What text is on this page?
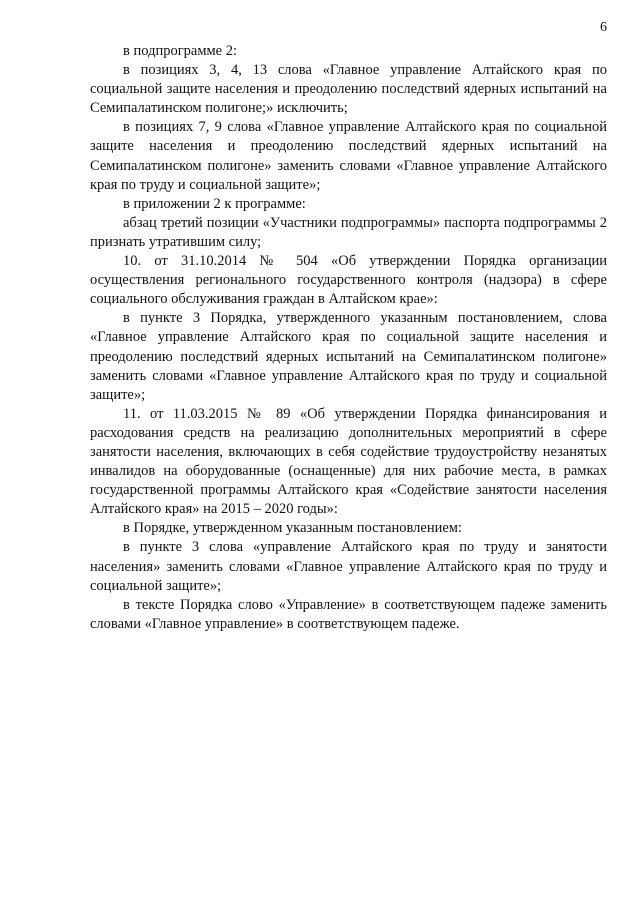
6

в подпрограмме 2:

в позициях 3, 4, 13 слова «Главное управление Алтайского края по социальной защите населения и преодолению последствий ядерных испытаний на Семипалатинском полигоне;» исключить;

в позициях 7, 9 слова «Главное управление Алтайского края по социальной защите населения и преодолению последствий ядерных испытаний на Семипалатинском полигоне» заменить словами «Главное управление Алтайского края по труду и социальной защите»;

в приложении 2 к программе:

абзац третий позиции «Участники подпрограммы» паспорта подпрограммы 2 признать утратившим силу;

10. от 31.10.2014 № 504 «Об утверждении Порядка организации осуществления регионального государственного контроля (надзора) в сфере социального обслуживания граждан в Алтайском крае»:

в пункте 3 Порядка, утвержденного указанным постановлением, слова «Главное управление Алтайского края по социальной защите населения и преодолению последствий ядерных испытаний на Семипалатинском полигоне» заменить словами «Главное управление Алтайского края по труду и социальной защите»;

11. от 11.03.2015 № 89 «Об утверждении Порядка финансирования и расходования средств на реализацию дополнительных мероприятий в сфере занятости населения, включающих в себя содействие трудоустройству незанятых инвалидов на оборудованные (оснащенные) для них рабочие места, в рамках государственной программы Алтайского края «Содействие занятости населения Алтайского края» на 2015 – 2020 годы»:

в Порядке, утвержденном указанным постановлением:

в пункте 3 слова «управление Алтайского края по труду и занятости населения» заменить словами «Главное управление Алтайского края по труду и социальной защите»;

в тексте Порядка слово «Управление» в соответствующем падеже заменить словами «Главное управление» в соответствующем падеже.
